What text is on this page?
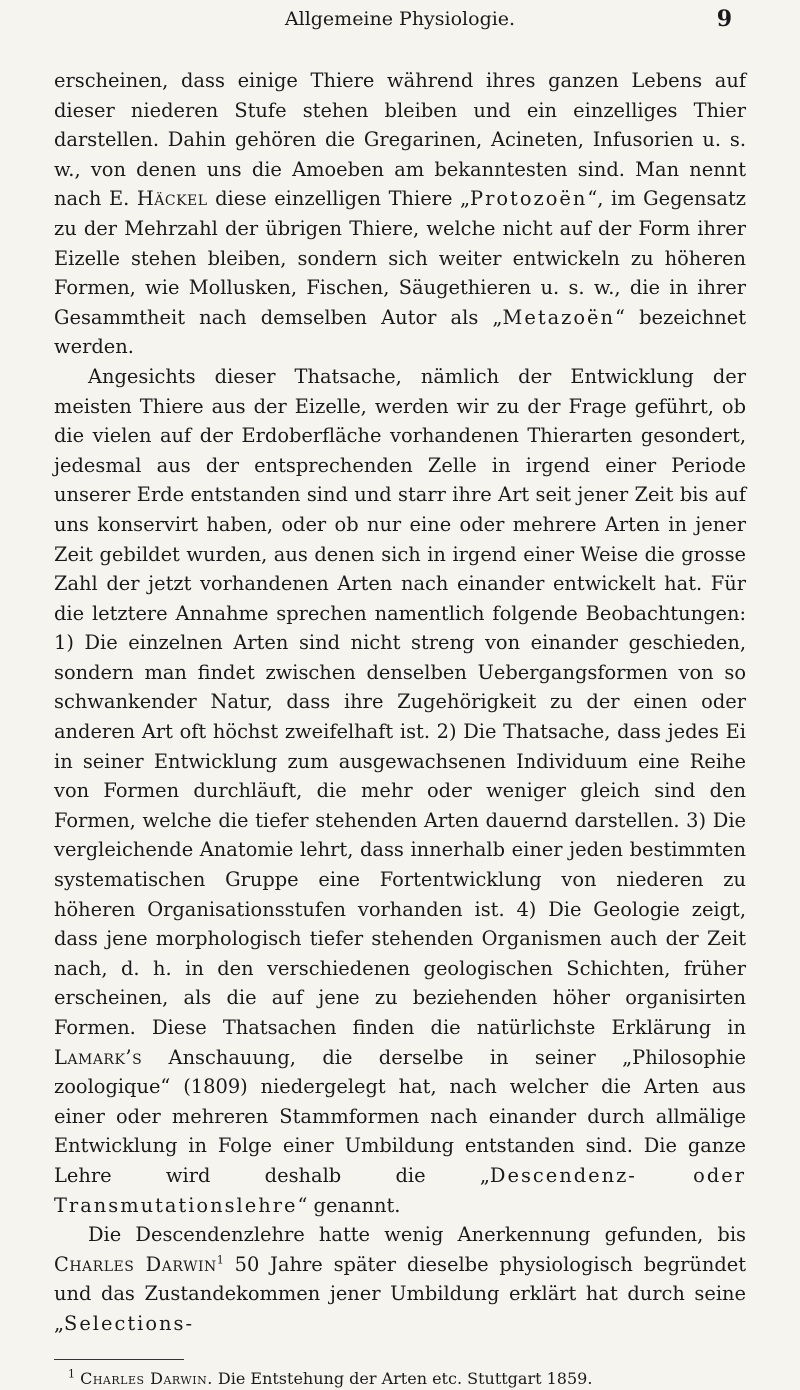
Allgemeine Physiologie.	9

erscheinen, dass einige Thiere während ihres ganzen Lebens auf dieser niederen Stufe stehen bleiben und ein einzelliges Thier darstellen. Dahin gehören die Gregarinen, Acineten, Infusorien u. s. w., von denen uns die Amoeben am bekanntesten sind. Man nennt nach E. Häckel diese einzelligen Thiere „Protozoën“, im Gegensatz zu der Mehrzahl der übrigen Thiere, welche nicht auf der Form ihrer Eizelle stehen bleiben, sondern sich weiter entwickeln zu höheren Formen, wie Mollusken, Fischen, Säugethieren u. s. w., die in ihrer Gesammtheit nach demselben Autor als „Metazoën“ bezeichnet werden.

Angesichts dieser Thatsache, nämlich der Entwicklung der meisten Thiere aus der Eizelle, werden wir zu der Frage geführt, ob die vielen auf der Erdoberfläche vorhandenen Thierarten gesondert, jedesmal aus der entsprechenden Zelle in irgend einer Periode unserer Erde entstanden sind und starr ihre Art seit jener Zeit bis auf uns konservirt haben, oder ob nur eine oder mehrere Arten in jener Zeit gebildet wurden, aus denen sich in irgend einer Weise die grosse Zahl der jetzt vorhandenen Arten nach einander entwickelt hat. Für die letztere Annahme sprechen namentlich folgende Beobachtungen: 1) Die einzelnen Arten sind nicht streng von einander geschieden, sondern man findet zwischen denselben Uebergangsformen von so schwankender Natur, dass ihre Zugehörigkeit zu der einen oder anderen Art oft höchst zweifelhaft ist. 2) Die Thatsache, dass jedes Ei in seiner Entwicklung zum ausgewachsenen Individuum eine Reihe von Formen durchläuft, die mehr oder weniger gleich sind den Formen, welche die tiefer stehenden Arten dauernd darstellen. 3) Die vergleichende Anatomie lehrt, dass innerhalb einer jeden bestimmten systematischen Gruppe eine Fortentwicklung von niederen zu höheren Organisationsstufen vorhanden ist. 4) Die Geologie zeigt, dass jene morphologisch tiefer stehenden Organismen auch der Zeit nach, d. h. in den verschiedenen geologischen Schichten, früher erscheinen, als die auf jene zu beziehenden höher organisirten Formen. Diese Thatsachen finden die natürlichste Erklärung in Lamark’s Anschauung, die derselbe in seiner „Philosophie zoologique“ (1809) niedergelegt hat, nach welcher die Arten aus einer oder mehreren Stammformen nach einander durch allmälige Entwicklung in Folge einer Umbildung entstanden sind. Die ganze Lehre wird deshalb die „Descendenz- oder Transmutationslehre“ genannt.

Die Descendenzlehre hatte wenig Anerkennung gefunden, bis Charles Darwin$^1$ 50 Jahre später dieselbe physiologisch begründet und das Zustandekommen jener Umbildung erklärt hat durch seine „Selections-

$^1$ Charles Darwin. Die Entstehung der Arten etc. Stuttgart 1859.
